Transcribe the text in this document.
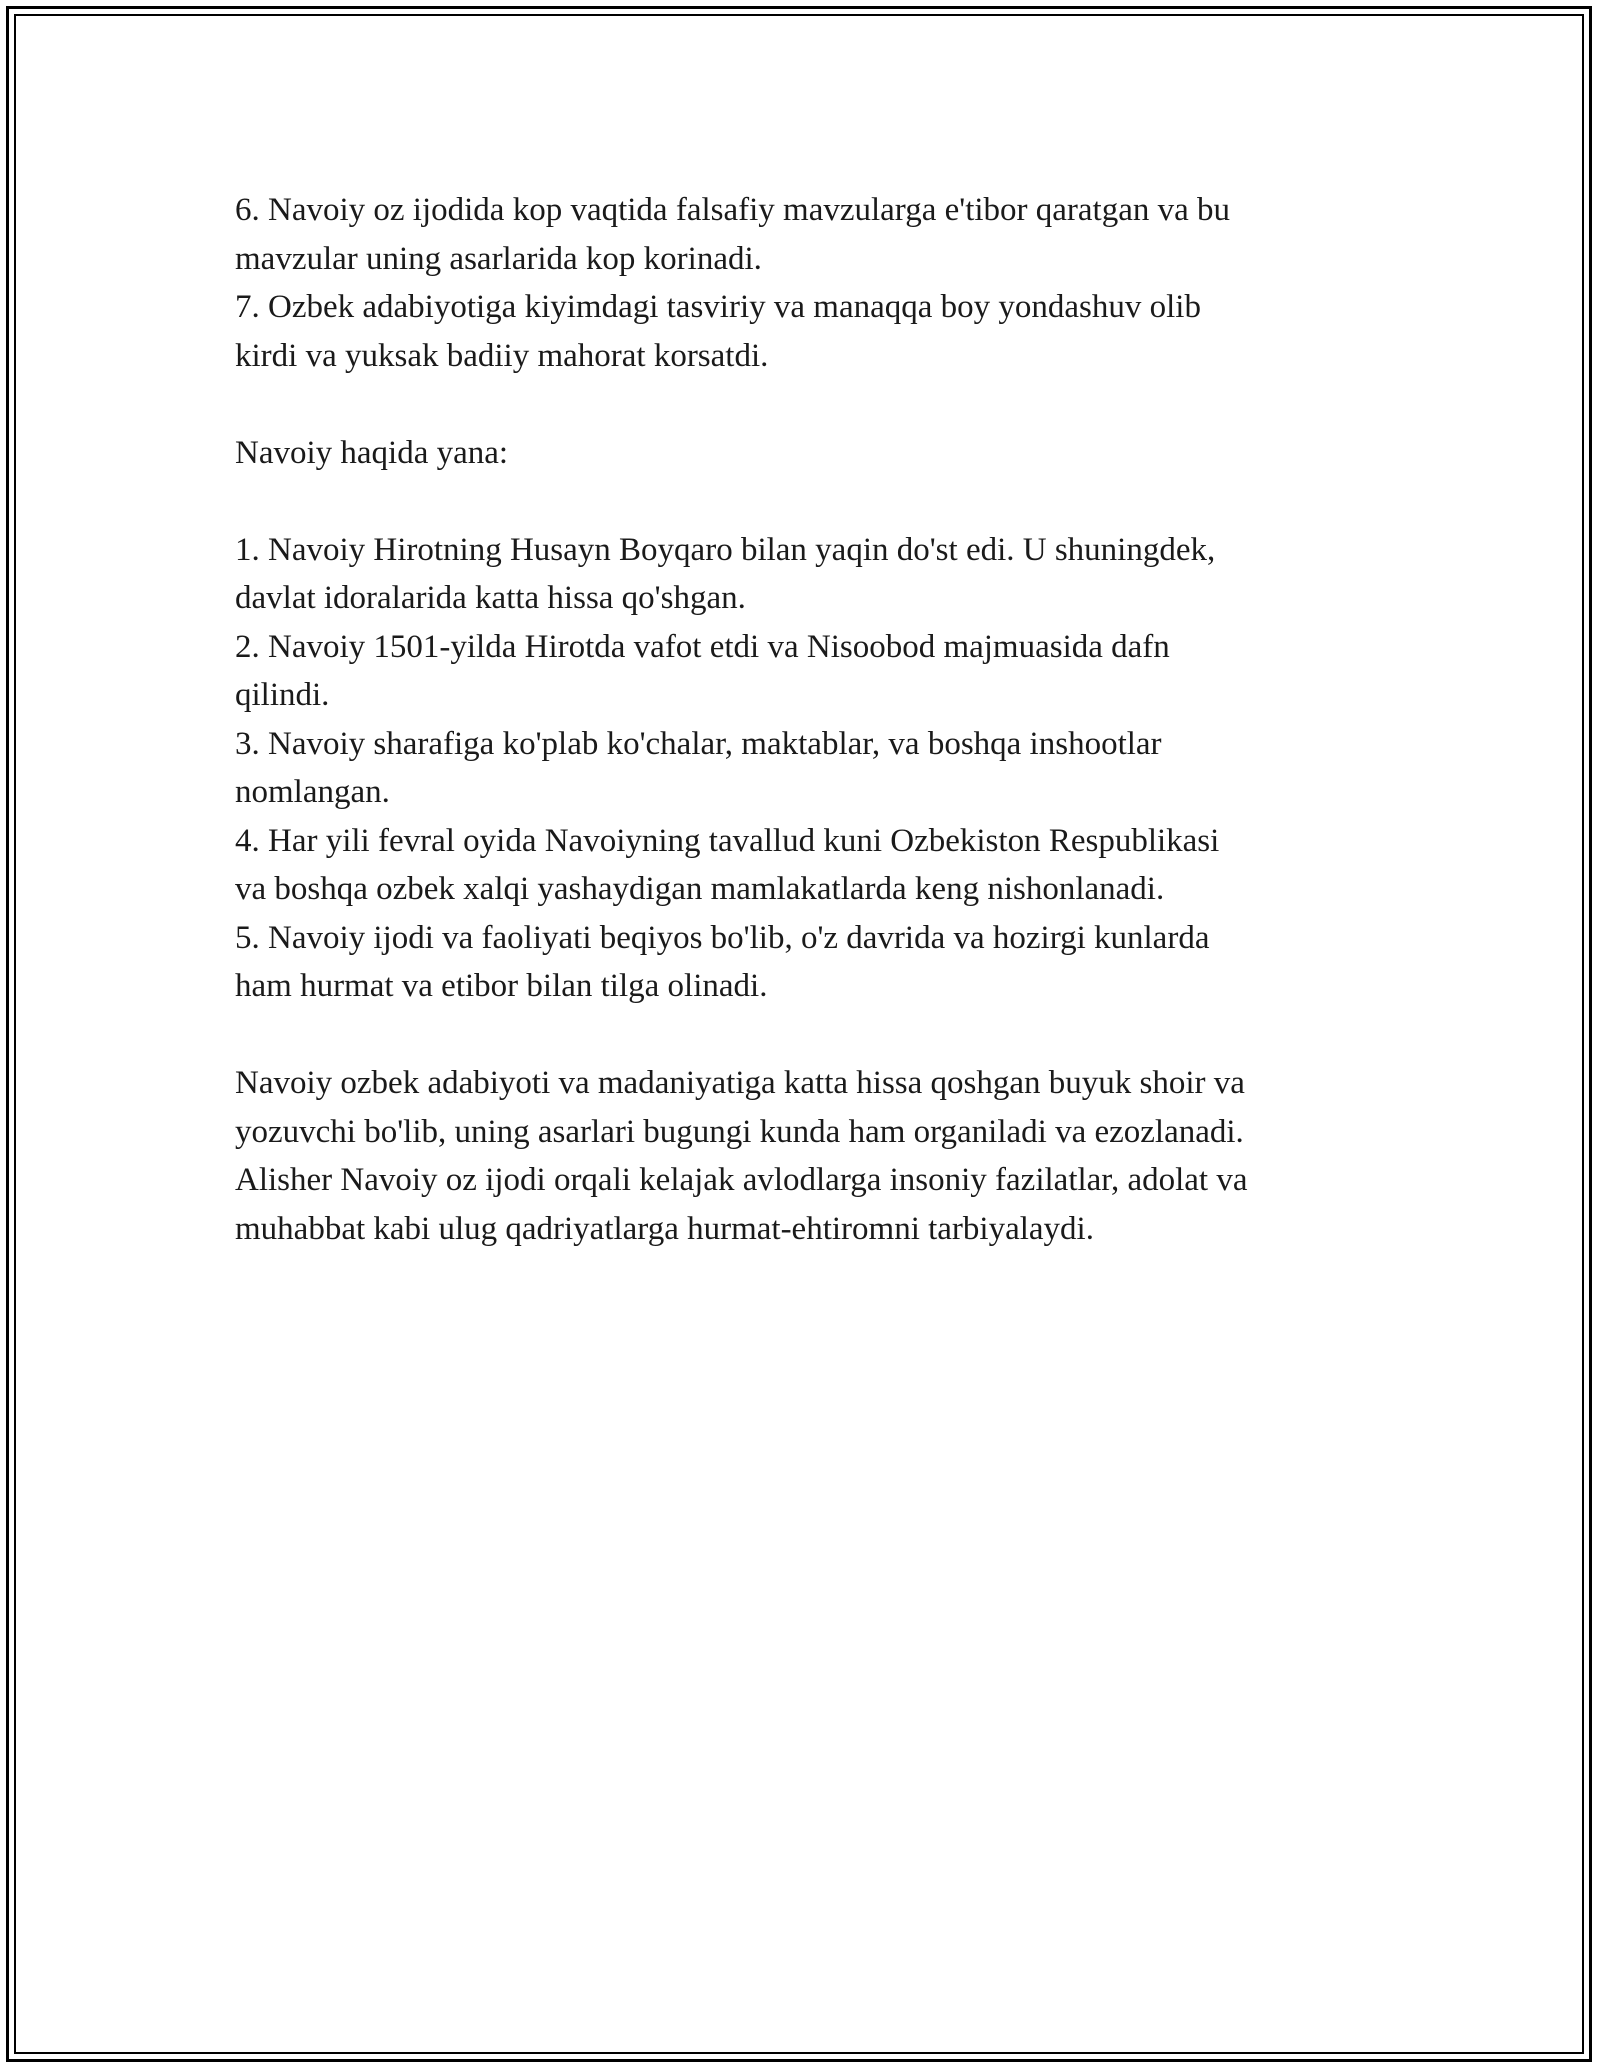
6. Navoiy oz ijodida kop vaqtida falsafiy mavzularga e'tibor qaratgan va bu
mavzular uning asarlarida kop korinadi.
7. Ozbek adabiyotiga kiyimdagi tasviriy va manaqqa boy yondashuv olib
kirdi va yuksak badiiy mahorat korsatdi.
Navoiy haqida yana:
1. Navoiy Hirotning Husayn Boyqaro bilan yaqin do'st edi. U shuningdek,
davlat idoralarida katta hissa qo'shgan.
2. Navoiy 1501-yilda Hirotda vafot etdi va Nisoobod majmuasida dafn
qilindi.
3. Navoiy sharafiga ko'plab ko'chalar, maktablar, va boshqa inshootlar
nomlangan.
4. Har yili fevral oyida Navoiyning tavallud kuni Ozbekiston Respublikasi
va boshqa ozbek xalqi yashaydigan mamlakatlarda keng nishonlanadi.
5. Navoiy ijodi va faoliyati beqiyos bo'lib, o'z davrida va hozirgi kunlarda
ham hurmat va etibor bilan tilga olinadi.
Navoiy ozbek adabiyoti va madaniyatiga katta hissa qoshgan buyuk shoir va
yozuvchi bo'lib, uning asarlari bugungi kunda ham organiladi va ezozlanadi.
Alisher Navoiy oz ijodi orqali kelajak avlodlarga insoniy fazilatlar, adolat va
muhabbat kabi ulug qadriyatlarga hurmat-ehtiromni tarbiyalaydi.
